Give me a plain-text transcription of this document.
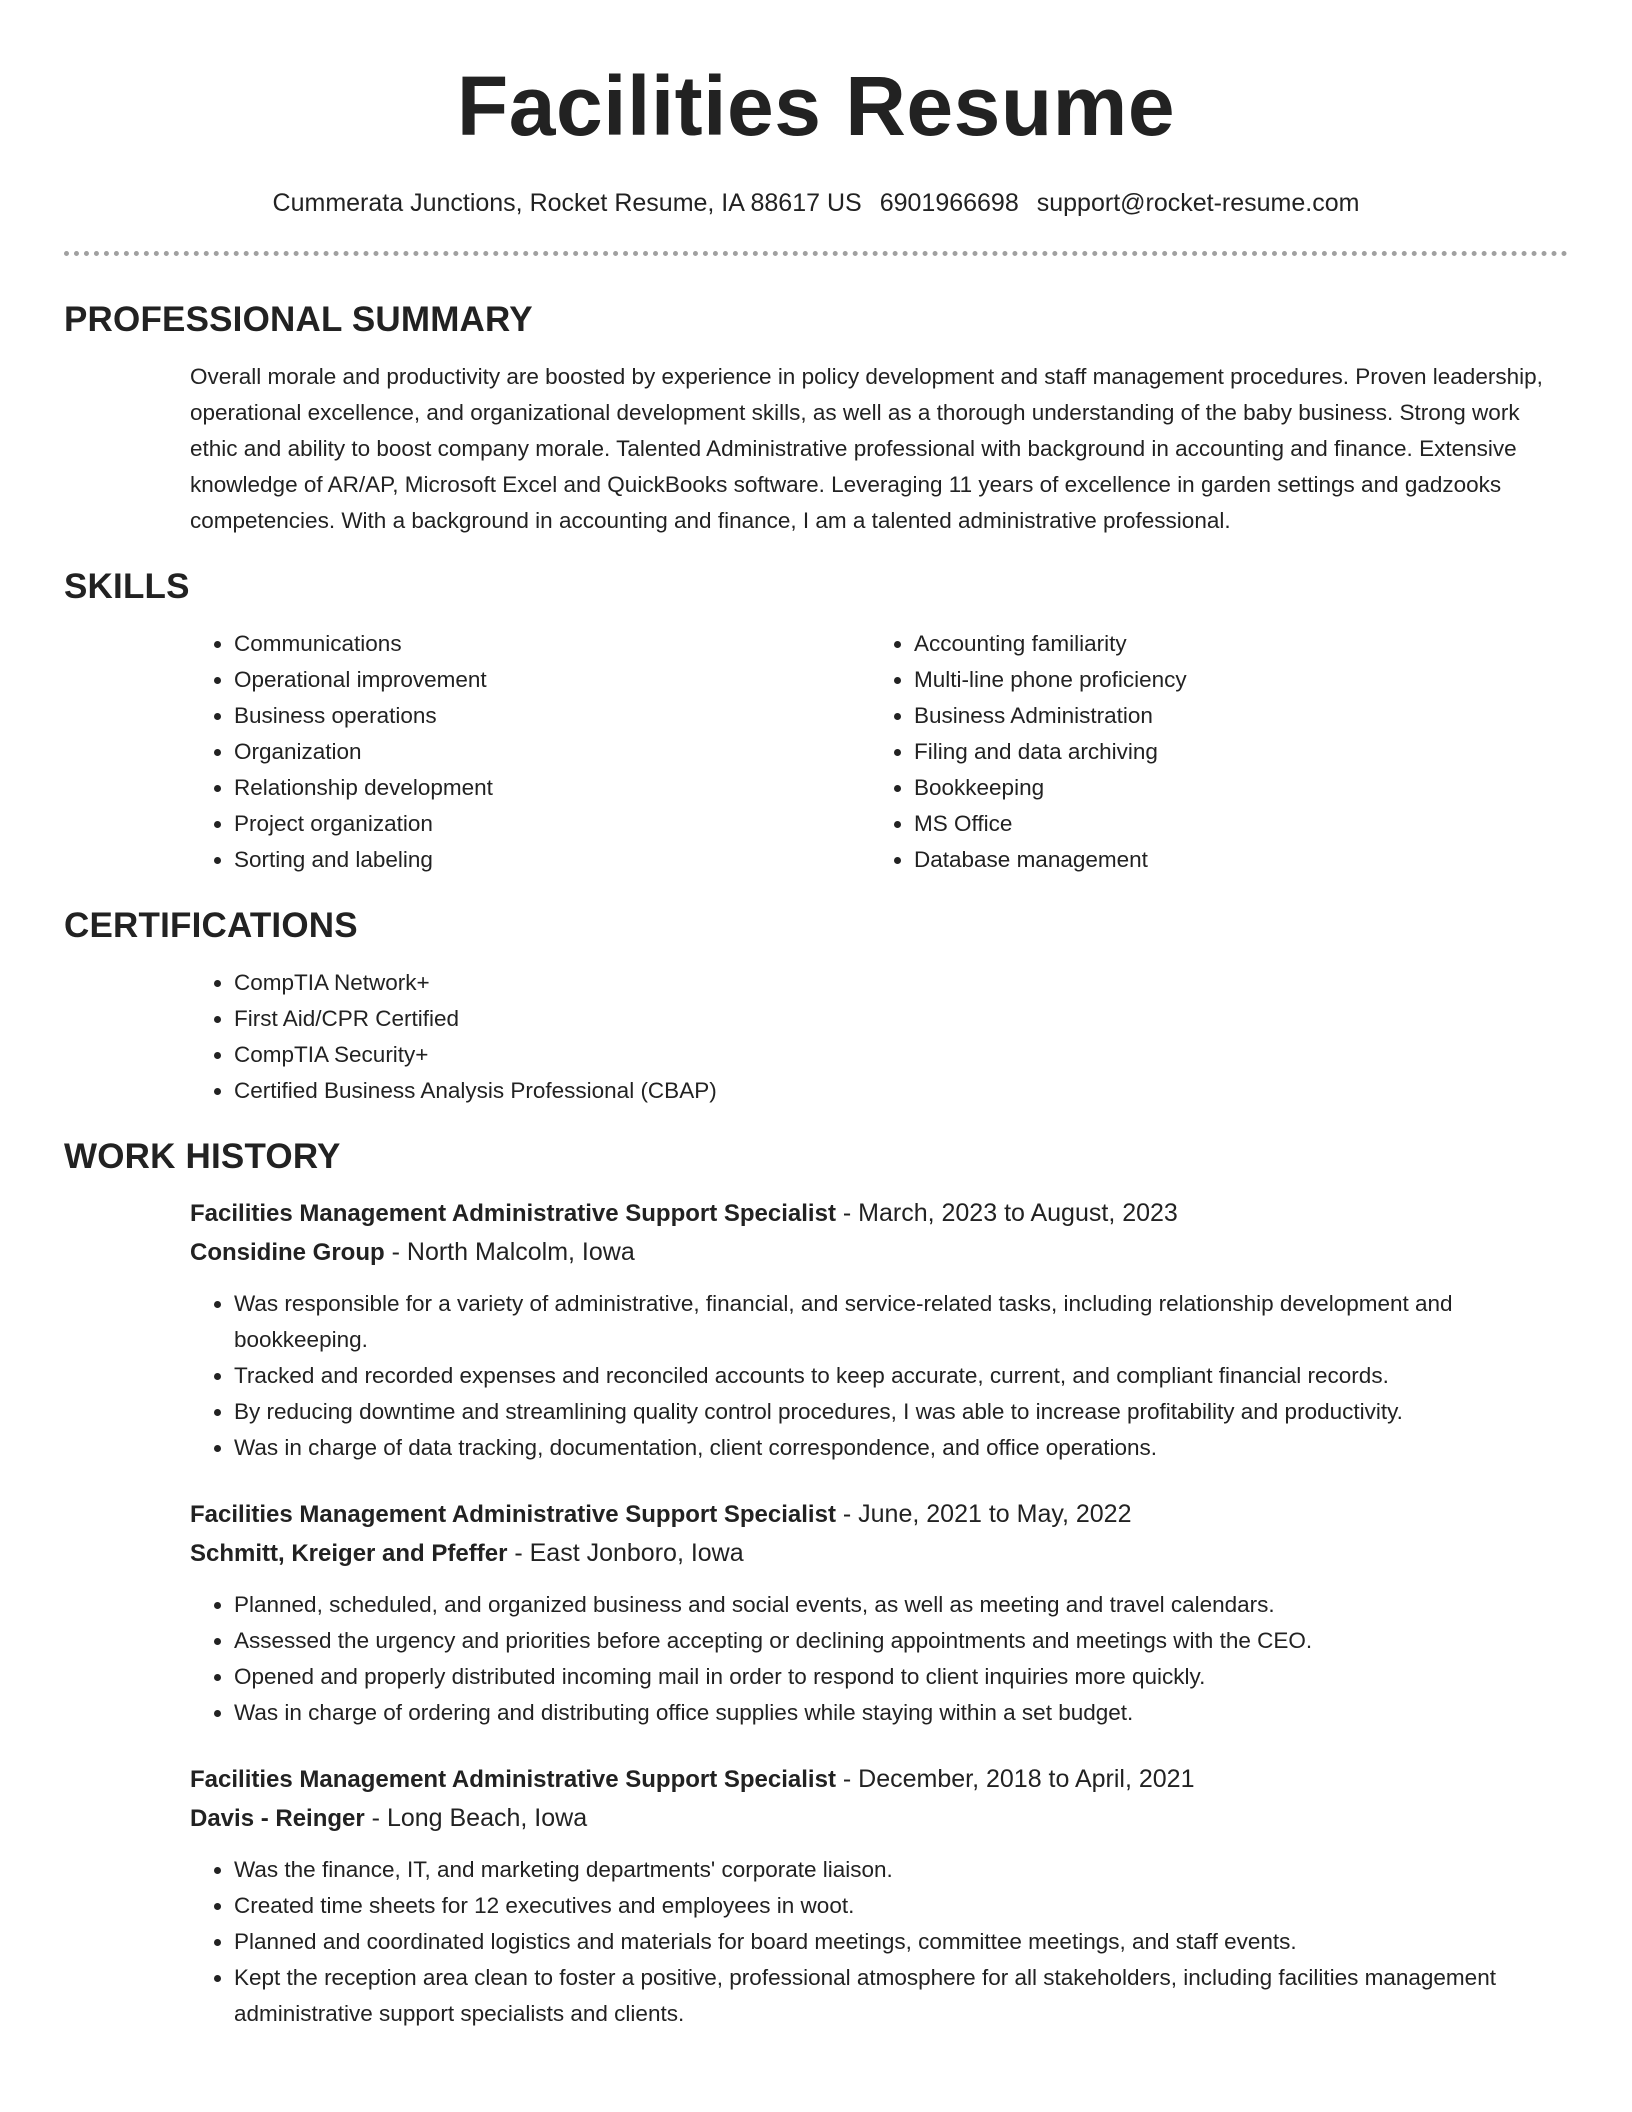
Facilities Resume
Cummerata Junctions, Rocket Resume, IA 88617 US 6901966698 support@rocket-resume.com
PROFESSIONAL SUMMARY

Overall morale and productivity are boosted by experience in policy development and staff management procedures. Proven leadership, operational excellence, and organizational development skills, as well as a thorough understanding of the baby business. Strong work ethic and ability to boost company morale. Talented Administrative professional with background in accounting and finance. Extensive knowledge of AR/AP, Microsoft Excel and QuickBooks software. Leveraging 11 years of excellence in garden settings and gadzooks competencies. With a background in accounting and finance, I am a talented administrative professional.

SKILLS
• Communications
• Operational improvement
• Business operations
• Organization
• Relationship development
• Project organization
• Sorting and labeling
• Accounting familiarity
• Multi-line phone proficiency
• Business Administration
• Filing and data archiving
• Bookkeeping
• MS Office
• Database management
CERTIFICATIONS
• CompTIA Network+
• First Aid/CPR Certified
• CompTIA Security+
• Certified Business Analysis Professional (CBAP)
WORK HISTORY
Facilities Management Administrative Support Specialist - March, 2023 to August, 2023
Considine Group - North Malcolm, Iowa
• Was responsible for a variety of administrative, financial, and service-related tasks, including relationship development and bookkeeping.
• Tracked and recorded expenses and reconciled accounts to keep accurate, current, and compliant financial records.
• By reducing downtime and streamlining quality control procedures, I was able to increase profitability and productivity.
• Was in charge of data tracking, documentation, client correspondence, and office operations.
Facilities Management Administrative Support Specialist - June, 2021 to May, 2022
Schmitt, Kreiger and Pfeffer - East Jonboro, Iowa
• Planned, scheduled, and organized business and social events, as well as meeting and travel calendars.
• Assessed the urgency and priorities before accepting or declining appointments and meetings with the CEO.
• Opened and properly distributed incoming mail in order to respond to client inquiries more quickly.
• Was in charge of ordering and distributing office supplies while staying within a set budget.
Facilities Management Administrative Support Specialist - December, 2018 to April, 2021
Davis - Reinger - Long Beach, Iowa
• Was the finance, IT, and marketing departments' corporate liaison.
• Created time sheets for 12 executives and employees in woot.
• Planned and coordinated logistics and materials for board meetings, committee meetings, and staff events.
• Kept the reception area clean to foster a positive, professional atmosphere for all stakeholders, including facilities management administrative support specialists and clients.
